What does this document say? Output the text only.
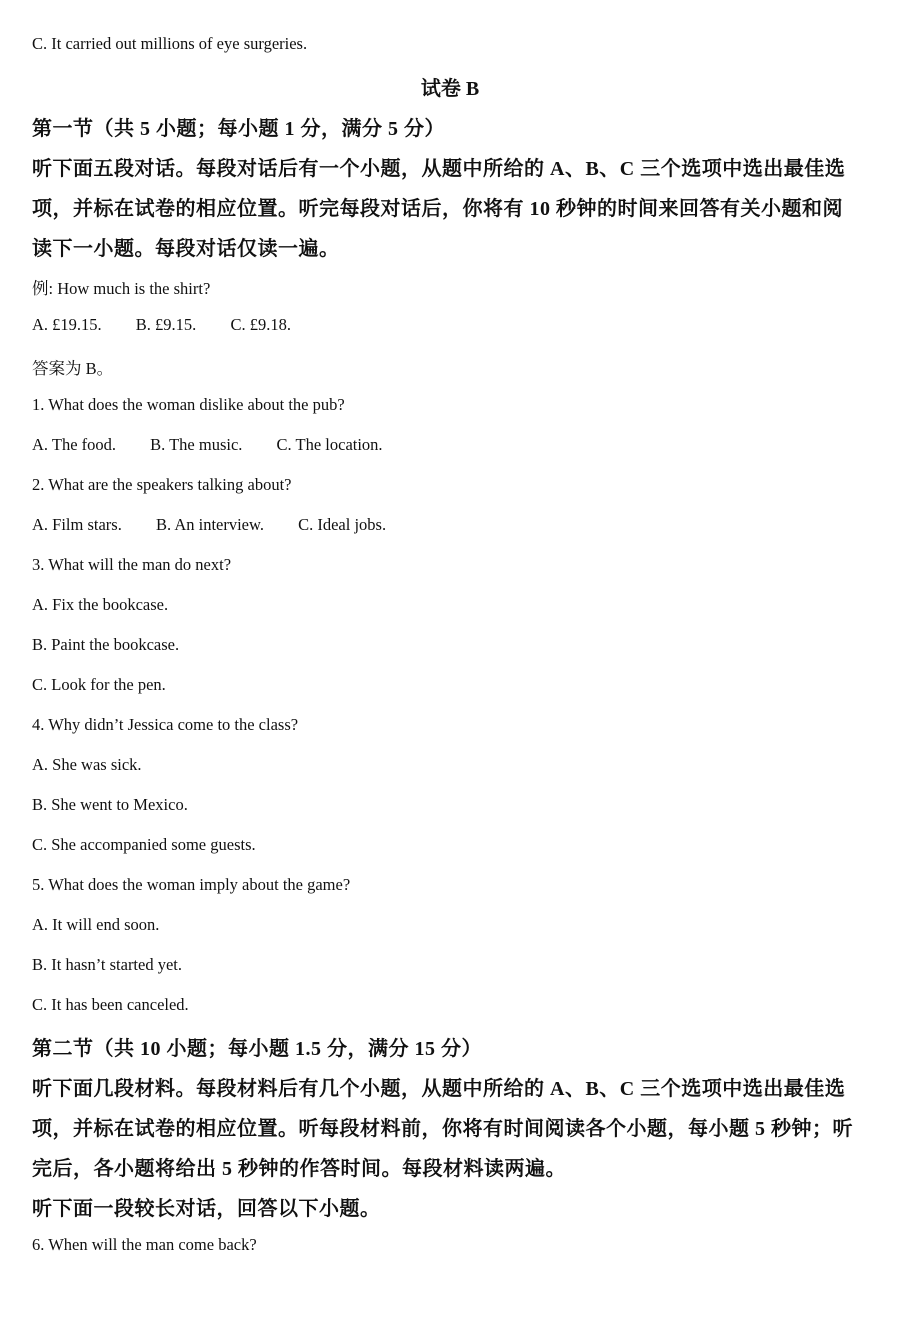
C. It carried out millions of eye surgeries.
试卷 B
第一节（共 5 小题；每小题 1 分，满分 5 分）
听下面五段对话。每段对话后有一个小题，从题中所给的 A、B、C 三个选项中选出最佳选
项，并标在试卷的相应位置。听完每段对话后，你将有 10 秒钟的时间来回答有关小题和阅
读下一小题。每段对话仅读一遍。
例: How much is the shirt?
A. £19.15. B. £9.15. C. £9.18.
答案为 B。
1. What does the woman dislike about the pub?
A. The food. B. The music. C. The location.
2. What are the speakers talking about?
A. Film stars. B. An interview. C. Ideal jobs.
3. What will the man do next?
A. Fix the bookcase.
B. Paint the bookcase.
C. Look for the pen.
4. Why didn’t Jessica come to the class?
A. She was sick.
B. She went to Mexico.
C. She accompanied some guests.
5. What does the woman imply about the game?
A. It will end soon.
B. It hasn’t started yet.
C. It has been canceled.
第二节（共 10 小题；每小题 1.5 分，满分 15 分）
听下面几段材料。每段材料后有几个小题，从题中所给的 A、B、C 三个选项中选出最佳选
项，并标在试卷的相应位置。听每段材料前，你将有时间阅读各个小题，每小题 5 秒钟；听
完后，各小题将给出 5 秒钟的作答时间。每段材料读两遍。
听下面一段较长对话，回答以下小题。
6. When will the man come back?
